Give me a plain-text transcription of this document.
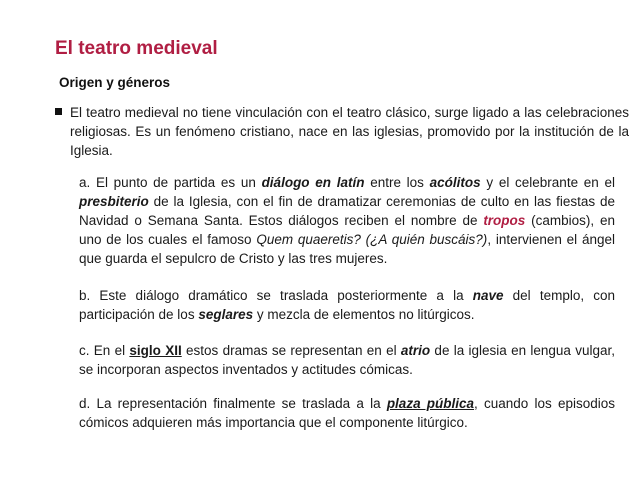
El teatro medieval
Origen y géneros
El teatro medieval no tiene vinculación con el teatro clásico, surge ligado a las celebraciones religiosas. Es un fenómeno cristiano, nace en las iglesias, promovido por la institución de la Iglesia.
a. El punto de partida es un diálogo en latín entre los acólitos y el celebrante en el presbiterio de la Iglesia, con el fin de dramatizar ceremonias de culto en las fiestas de Navidad o Semana Santa. Estos diálogos reciben el nombre de tropos (cambios), en uno de los cuales el famoso Quem quaeretis? (¿A quién buscáis?), intervienen el ángel que guarda el sepulcro de Cristo y las tres mujeres.
b. Este diálogo dramático se traslada posteriormente a la nave del templo, con participación de los seglares y mezcla de elementos no litúrgicos.
c. En el siglo XII estos dramas se representan en el atrio de la iglesia en lengua vulgar, se incorporan aspectos inventados y actitudes cómicas.
d. La representación finalmente se traslada a la plaza pública, cuando los episodios cómicos adquieren más importancia que el componente litúrgico.
